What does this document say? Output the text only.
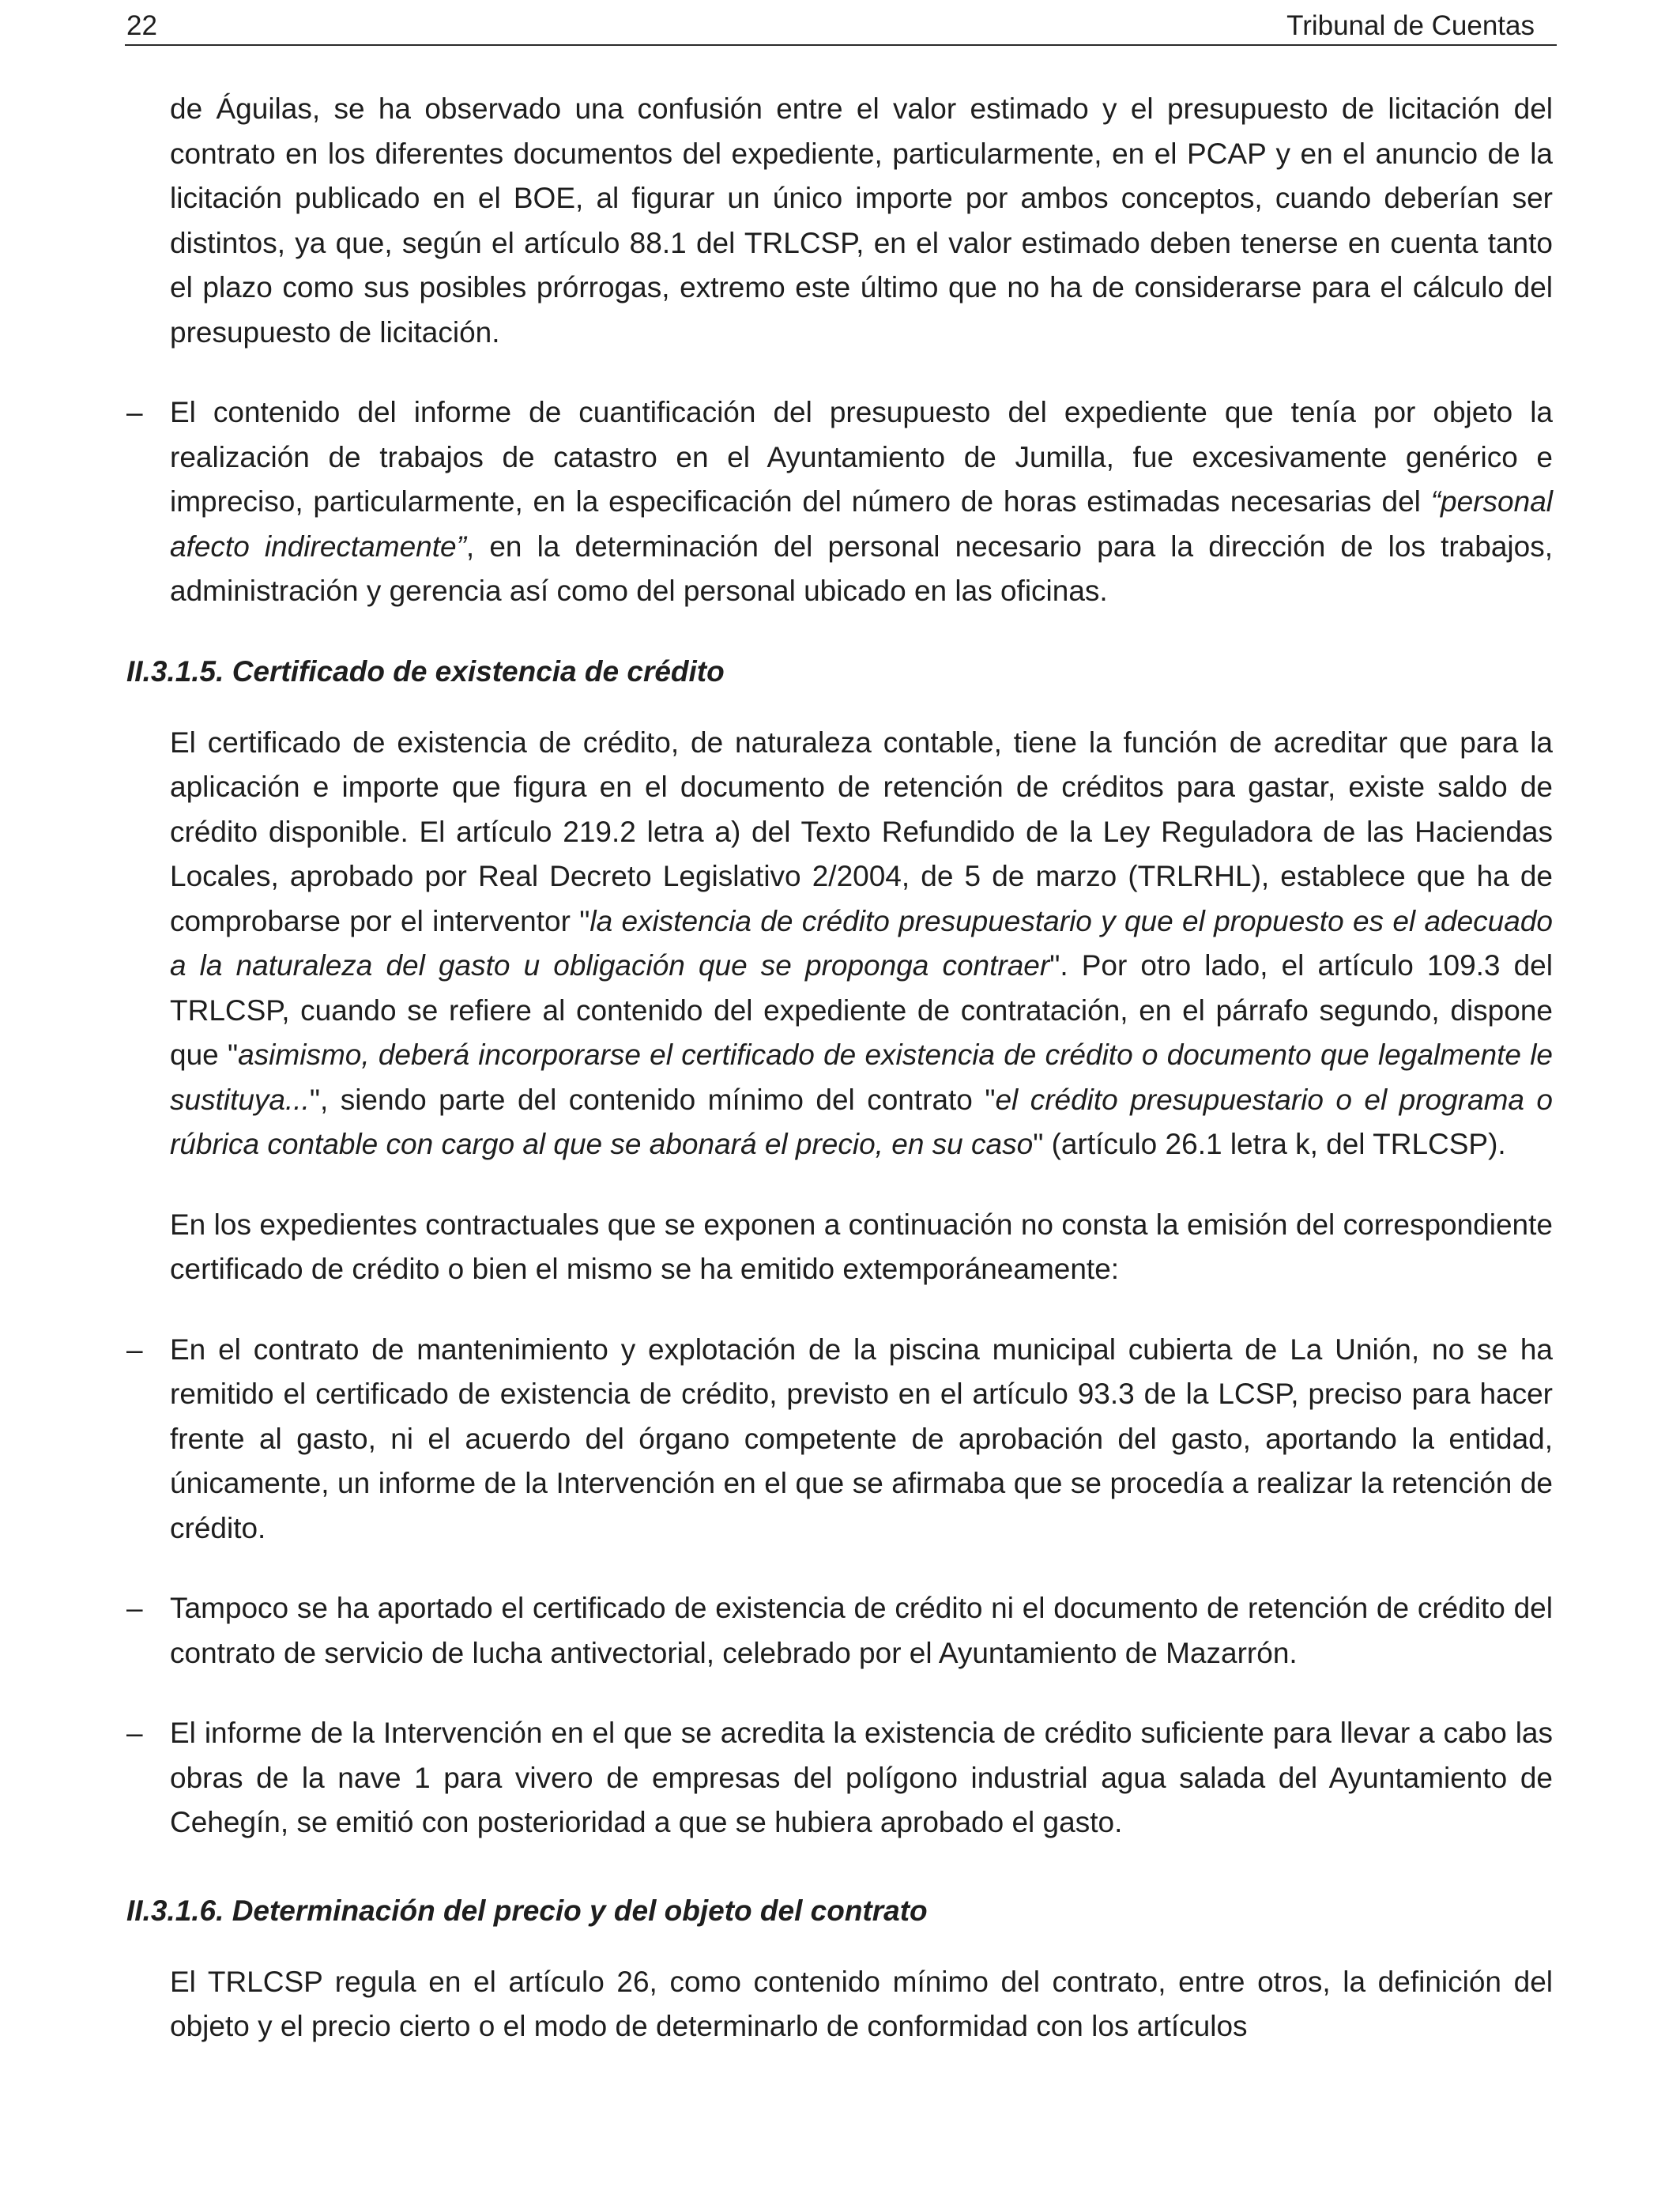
22	Tribunal de Cuentas

de Águilas, se ha observado una confusión entre el valor estimado y el presupuesto de licitación del contrato en los diferentes documentos del expediente, particularmente, en el PCAP y en el anuncio de la licitación publicado en el BOE, al figurar un único importe por ambos conceptos, cuando deberían ser distintos, ya que, según el artículo 88.1 del TRLCSP, en el valor estimado deben tenerse en cuenta tanto el plazo como sus posibles prórrogas, extremo este último que no ha de considerarse para el cálculo del presupuesto de licitación.

– El contenido del informe de cuantificación del presupuesto del expediente que tenía por objeto la realización de trabajos de catastro en el Ayuntamiento de Jumilla, fue excesivamente genérico e impreciso, particularmente, en la especificación del número de horas estimadas necesarias del “personal afecto indirectamente”, en la determinación del personal necesario para la dirección de los trabajos, administración y gerencia así como del personal ubicado en las oficinas.

II.3.1.5. Certificado de existencia de crédito

El certificado de existencia de crédito, de naturaleza contable, tiene la función de acreditar que para la aplicación e importe que figura en el documento de retención de créditos para gastar, existe saldo de crédito disponible. El artículo 219.2 letra a) del Texto Refundido de la Ley Reguladora de las Haciendas Locales, aprobado por Real Decreto Legislativo 2/2004, de 5 de marzo (TRLRHL), establece que ha de comprobarse por el interventor "la existencia de crédito presupuestario y que el propuesto es el adecuado a la naturaleza del gasto u obligación que se proponga contraer". Por otro lado, el artículo 109.3 del TRLCSP, cuando se refiere al contenido del expediente de contratación, en el párrafo segundo, dispone que "asimismo, deberá incorporarse el certificado de existencia de crédito o documento que legalmente le sustituya...", siendo parte del contenido mínimo del contrato "el crédito presupuestario o el programa o rúbrica contable con cargo al que se abonará el precio, en su caso" (artículo 26.1 letra k, del TRLCSP).

En los expedientes contractuales que se exponen a continuación no consta la emisión del correspondiente certificado de crédito o bien el mismo se ha emitido extemporáneamente:

– En el contrato de mantenimiento y explotación de la piscina municipal cubierta de La Unión, no se ha remitido el certificado de existencia de crédito, previsto en el artículo 93.3 de la LCSP, preciso para hacer frente al gasto, ni el acuerdo del órgano competente de aprobación del gasto, aportando la entidad, únicamente, un informe de la Intervención en el que se afirmaba que se procedía a realizar la retención de crédito.

– Tampoco se ha aportado el certificado de existencia de crédito ni el documento de retención de crédito del contrato de servicio de lucha antivectorial, celebrado por el Ayuntamiento de Mazarrón.

– El informe de la Intervención en el que se acredita la existencia de crédito suficiente para llevar a cabo las obras de la nave 1 para vivero de empresas del polígono industrial agua salada del Ayuntamiento de Cehegín, se emitió con posterioridad a que se hubiera aprobado el gasto.

II.3.1.6. Determinación del precio y del objeto del contrato

El TRLCSP regula en el artículo 26, como contenido mínimo del contrato, entre otros, la definición del objeto y el precio cierto o el modo de determinarlo de conformidad con los artículos
